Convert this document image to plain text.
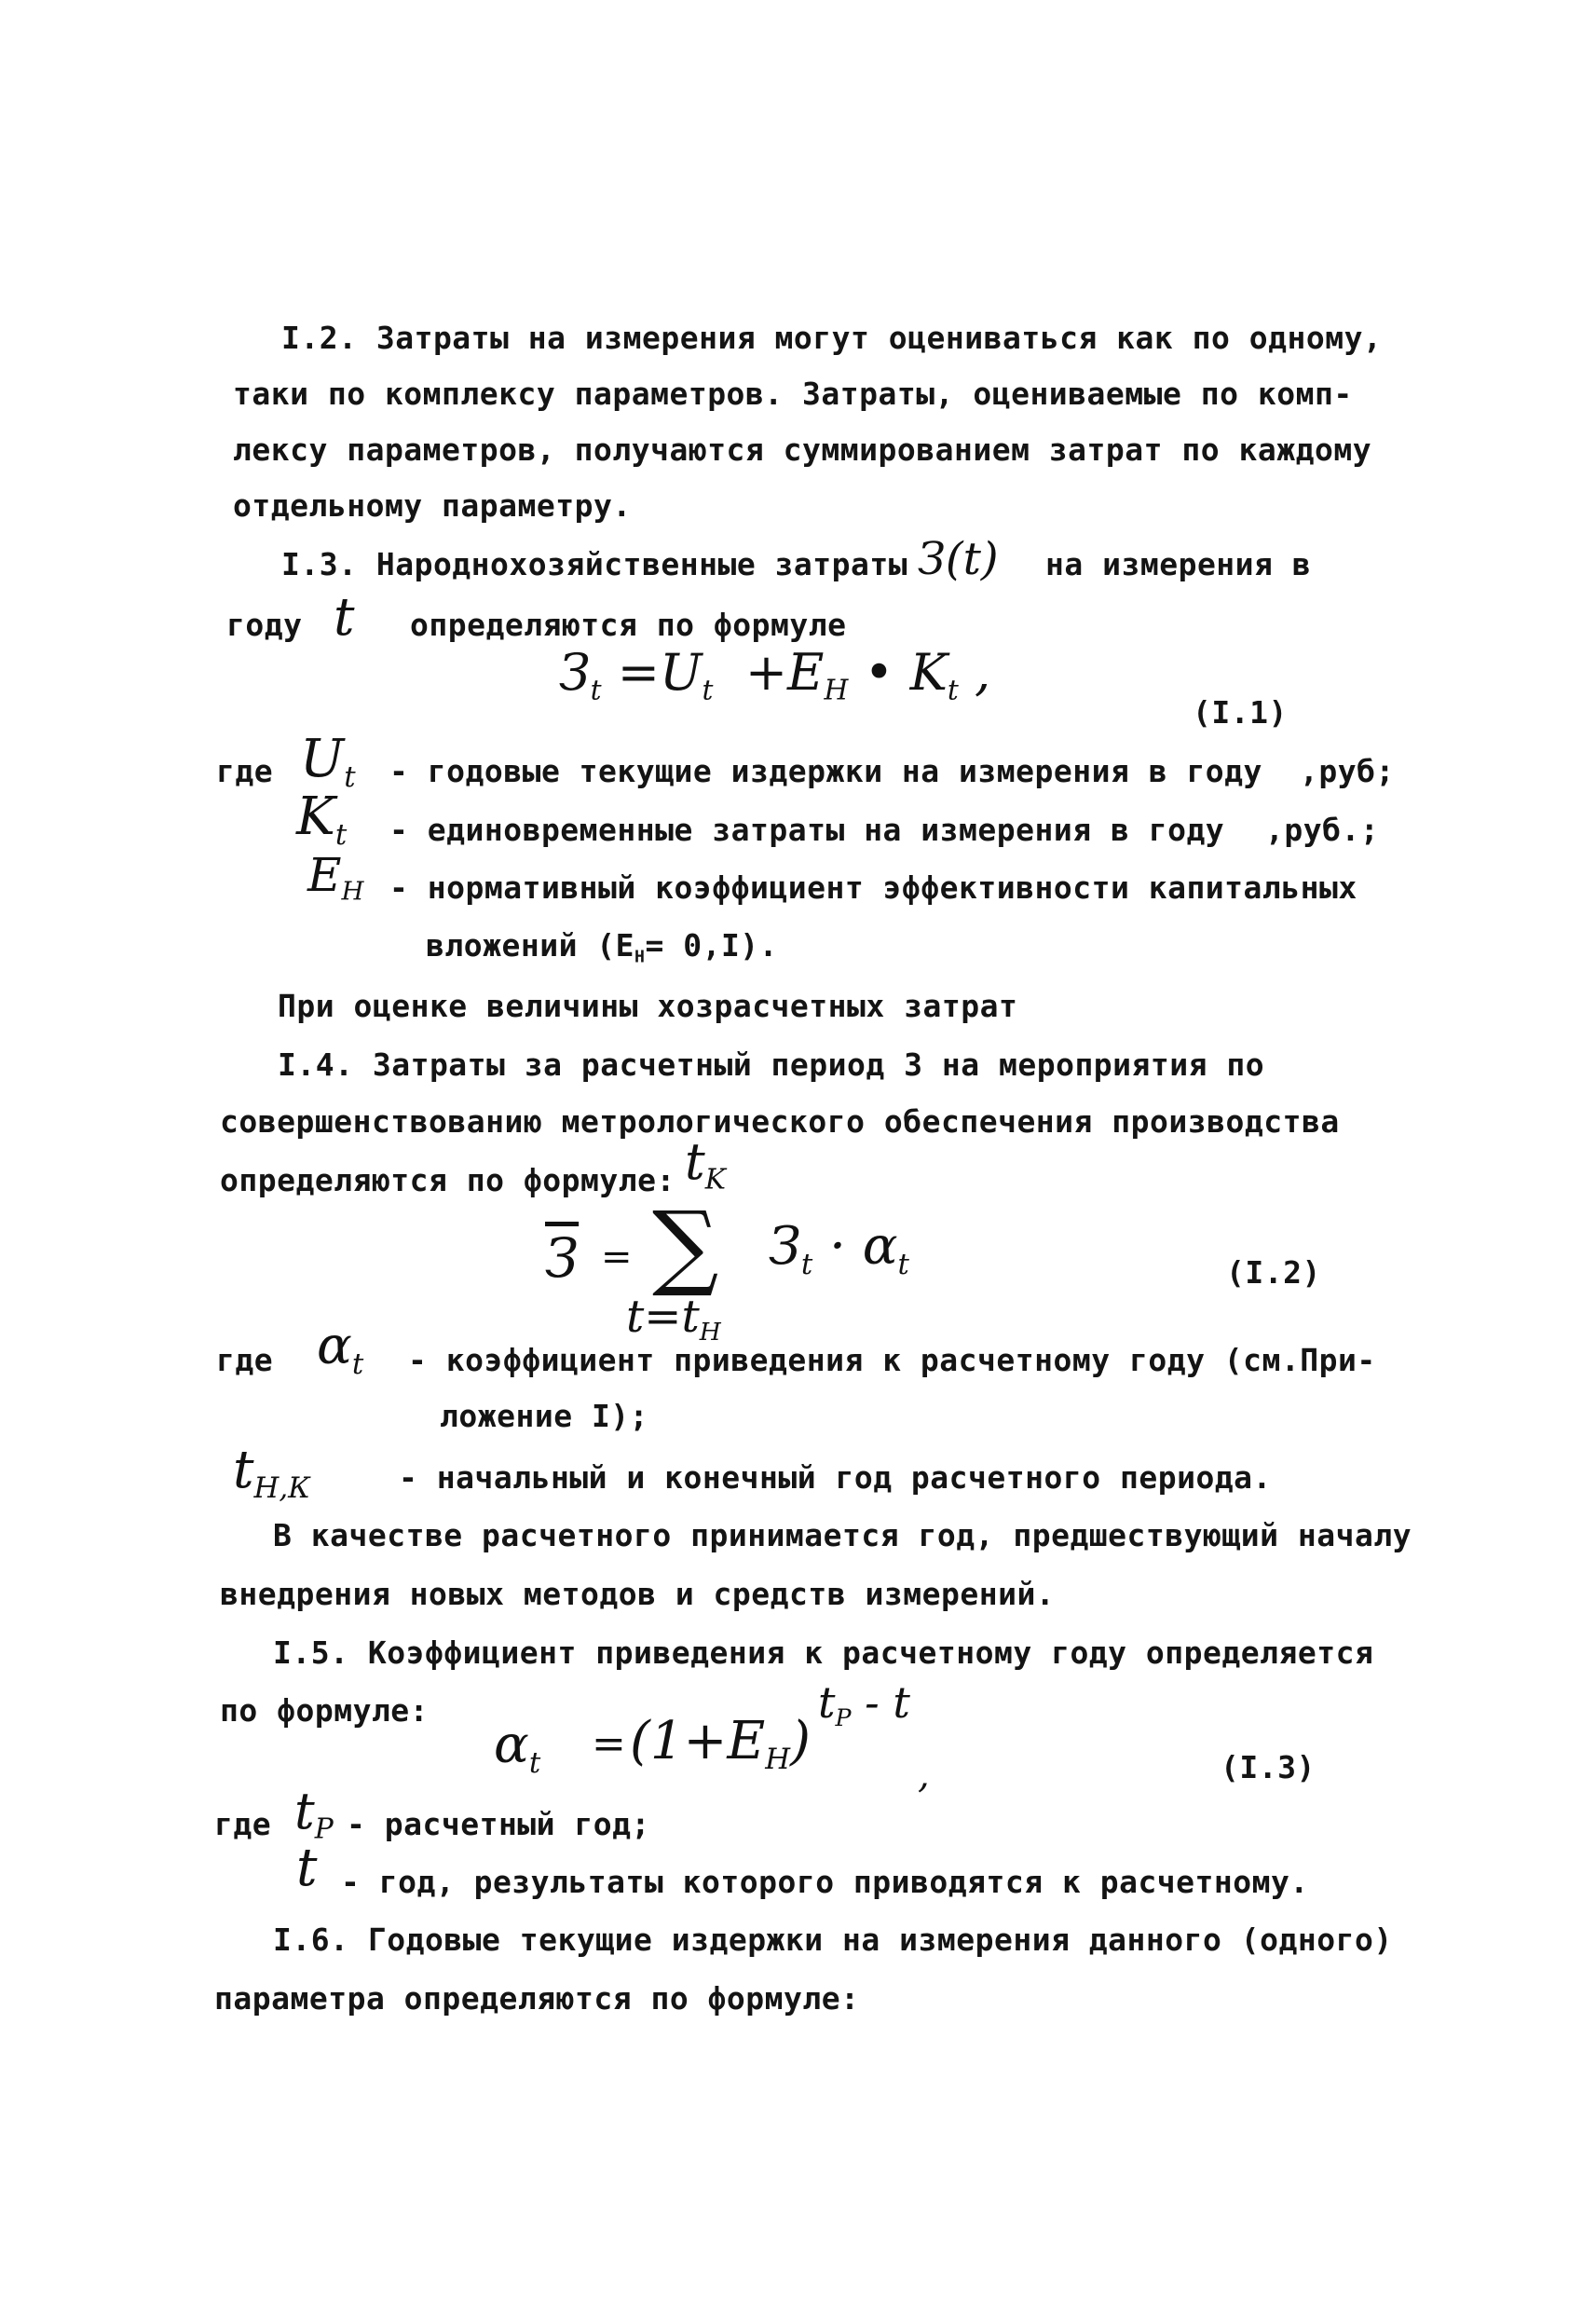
I.2. Затраты на измерения могут оцениваться как по одному,
таки по комплексу параметров. Затраты, оцениваемые по комп-
лексу параметров, получаются суммированием затрат по каждому
отдельному параметру.
I.3. Народнохозяйственные затраты З(t) на измерения в
году t определяются по формуле
$З_t =U_t +E_H$ • $K_t$ ,
(I.1)
где $U_t$ - годовые текущие издержки на измерения в году ,руб;
$K_t$ - единовременные затраты на измерения в году ,руб.;
$E_H$ - нормативный коэффициент эффективности капитальных
вложений $(Е_Н= 0,I)$.
При оценке величины хозрасчетных затрат
I.4. Затраты за расчетный период З на мероприятия по
совершенствованию метрологического обеспечения производства
определяются по формуле: $t_K$
З = ∑ $З_t \cdot \alpha_t$
$t=t_H$
(I.2)
где $\alpha_t$ - коэффициент приведения к расчетному году (см.При-
ложение I);
$t_{Н,К}$	- начальный и конечный год расчетного периода.
В качестве расчетного принимается год, предшествующий началу
внедрения новых методов и средств измерений.
I.5. Коэффициент приведения к расчетному году определяется
по формуле:
$\alpha_t = (1+E_H)$
$t_P$ - t
,	(I.3)
где $t_P$ - расчетный год;
t - год, результаты которого приводятся к расчетному.
I.6. Годовые текущие издержки на измерения данного (одного)
параметра определяются по формуле:
